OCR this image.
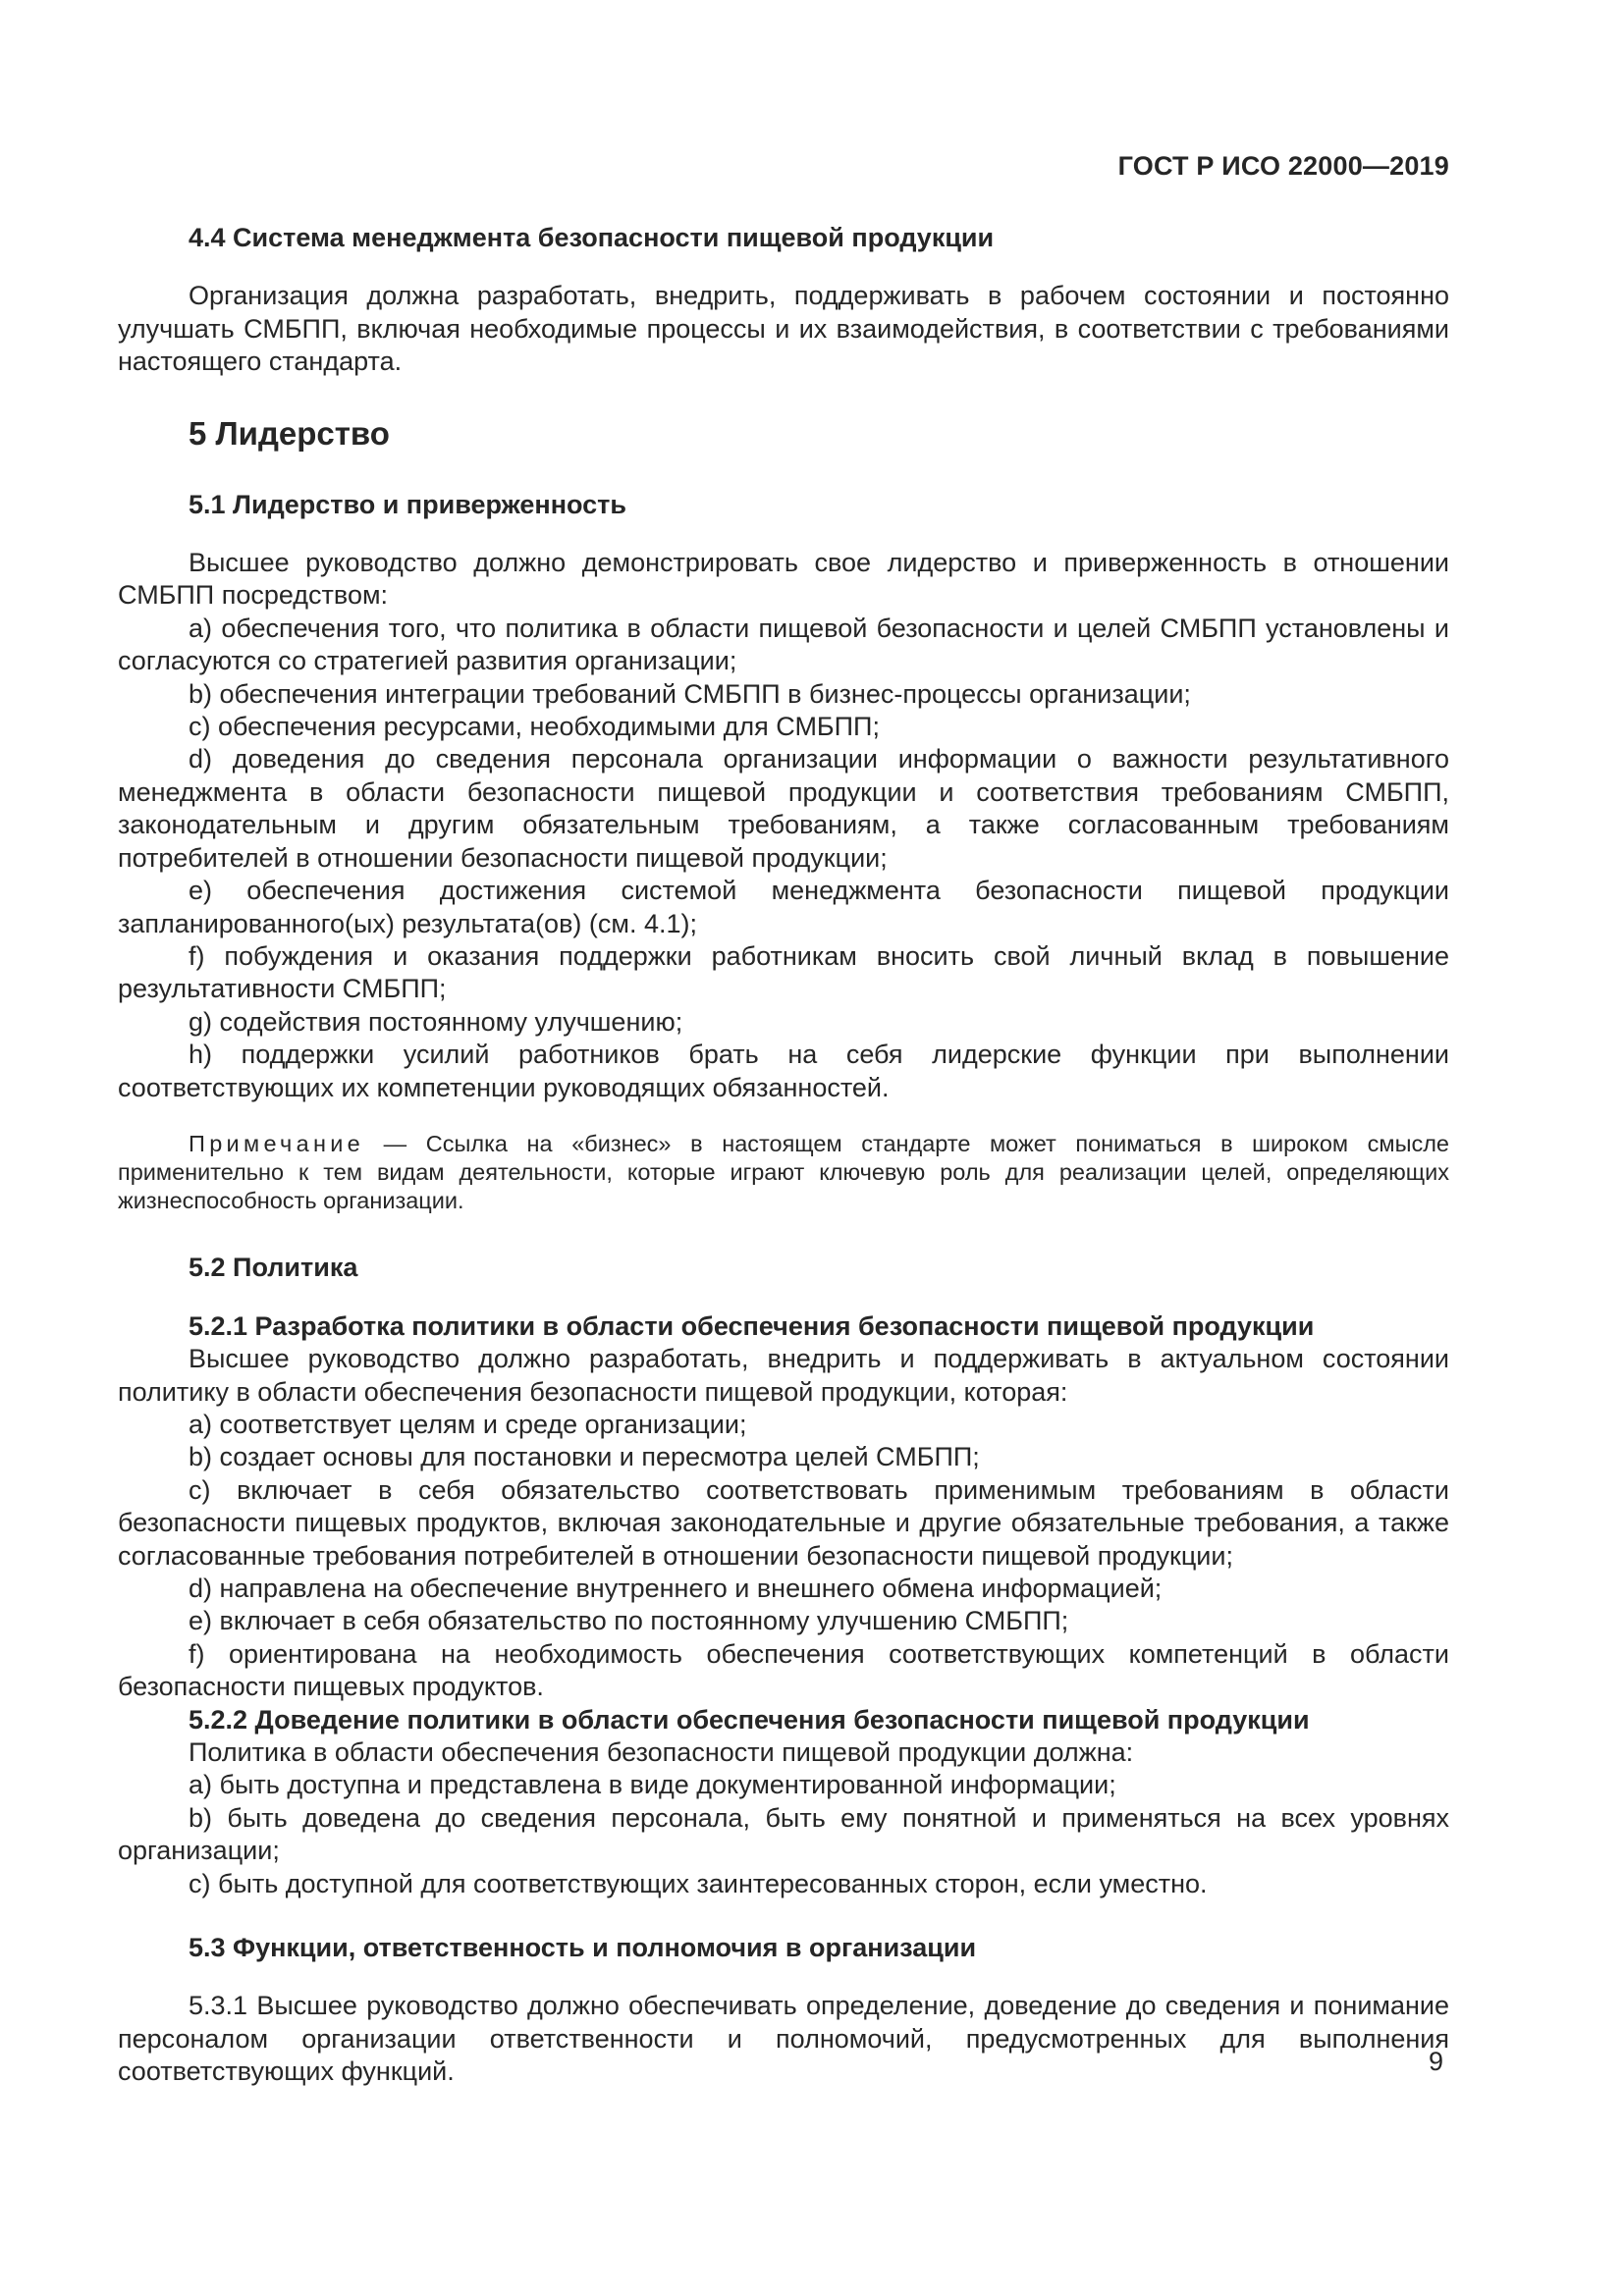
ГОСТ Р ИСО 22000—2019

4.4 Система менеджмента безопасности пищевой продукции

Организация должна разработать, внедрить, поддерживать в рабочем состоянии и постоянно улучшать СМБПП, включая необходимые процессы и их взаимодействия, в соответствии с требованиями настоящего стандарта.

5 Лидерство

5.1 Лидерство и приверженность

Высшее руководство должно демонстрировать свое лидерство и приверженность в отношении СМБПП посредством:

a) обеспечения того, что политика в области пищевой безопасности и целей СМБПП установлены и согласуются со стратегией развития организации;

b) обеспечения интеграции требований СМБПП в бизнес-процессы организации;

c) обеспечения ресурсами, необходимыми для СМБПП;

d) доведения до сведения персонала организации информации о важности результативного менеджмента в области безопасности пищевой продукции и соответствия требованиям СМБПП, законодательным и другим обязательным требованиям, а также согласованным требованиям потребителей в отношении безопасности пищевой продукции;

e) обеспечения достижения системой менеджмента безопасности пищевой продукции запланированного(ых) результата(ов) (см. 4.1);

f) побуждения и оказания поддержки работникам вносить свой личный вклад в повышение результативности СМБПП;

g) содействия постоянному улучшению;

h) поддержки усилий работников брать на себя лидерские функции при выполнении соответствующих их компетенции руководящих обязанностей.

Примечание — Ссылка на «бизнес» в настоящем стандарте может пониматься в широком смысле применительно к тем видам деятельности, которые играют ключевую роль для реализации целей, определяющих жизнеспособность организации.

5.2 Политика

5.2.1 Разработка политики в области обеспечения безопасности пищевой продукции

Высшее руководство должно разработать, внедрить и поддерживать в актуальном состоянии политику в области обеспечения безопасности пищевой продукции, которая:

a) соответствует целям и среде организации;

b) создает основы для постановки и пересмотра целей СМБПП;

c) включает в себя обязательство соответствовать применимым требованиям в области безопасности пищевых продуктов, включая законодательные и другие обязательные требования, а также согласованные требования потребителей в отношении безопасности пищевой продукции;

d) направлена на обеспечение внутреннего и внешнего обмена информацией;

e) включает в себя обязательство по постоянному улучшению СМБПП;

f) ориентирована на необходимость обеспечения соответствующих компетенций в области безопасности пищевых продуктов.

5.2.2 Доведение политики в области обеспечения безопасности пищевой продукции

Политика в области обеспечения безопасности пищевой продукции должна:

a) быть доступна и представлена в виде документированной информации;

b) быть доведена до сведения персонала, быть ему понятной и применяться на всех уровнях организации;

c) быть доступной для соответствующих заинтересованных сторон, если уместно.

5.3 Функции, ответственность и полномочия в организации

5.3.1 Высшее руководство должно обеспечивать определение, доведение до сведения и понимание персоналом организации ответственности и полномочий, предусмотренных для выполнения соответствующих функций.	9
